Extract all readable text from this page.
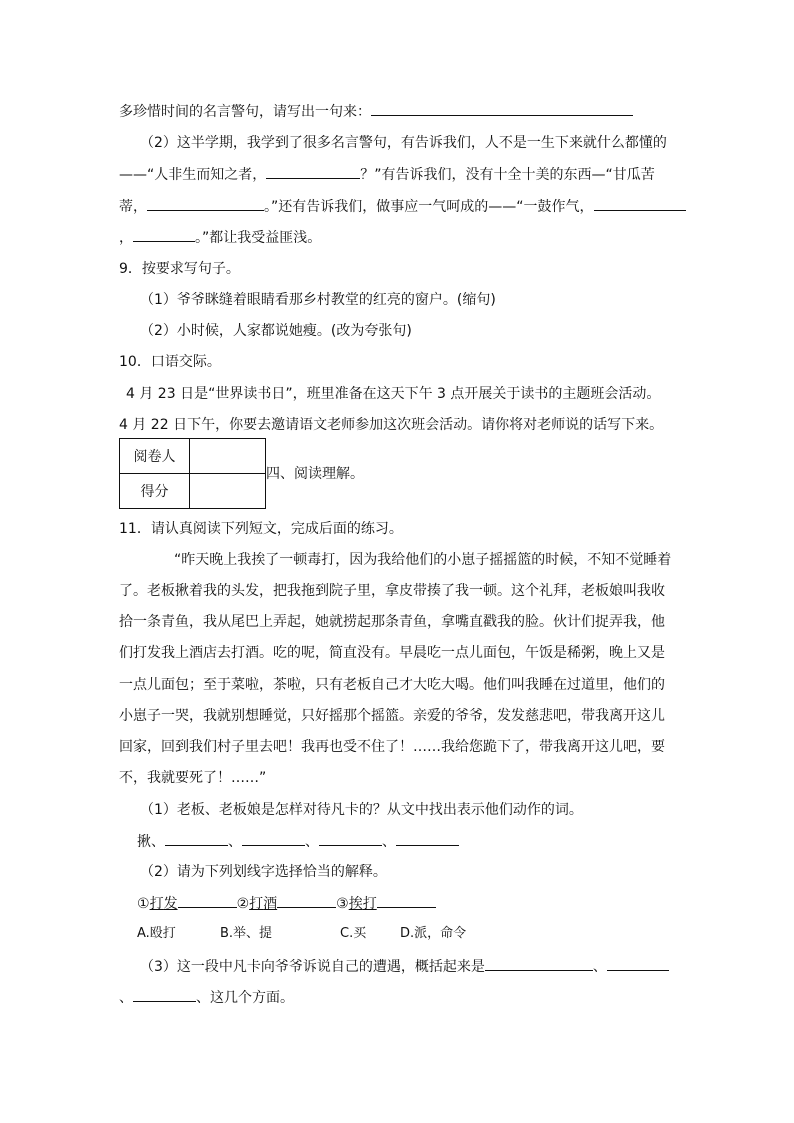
多珍惜时间的名言警句，请写出一句来：
（2）这半学期，我学到了很多名言警句，有告诉我们，人不是一生下来就什么都懂的
——“人非生而知之者，	？”有告诉我们，没有十全十美的东西—“甘瓜苦
蒂，	。”还有告诉我们，做事应一气呵成的——“一鼓作气，
，	。”都让我受益匪浅。
9．按要求写句子。
（1）爷爷眯缝着眼睛看那乡村教堂的红亮的窗户。(缩句)
（2）小时候，人家都说她瘦。(改为夸张句)
10．口语交际。
4 月 23 日是“世界读书日”，班里准备在这天下午 3 点开展关于读书的主题班会活动。
4 月 22 日下午，你要去邀请语文老师参加这次班会活动。请你将对老师说的话写下来。
阅卷人	
得分	
四、阅读理解。
11．请认真阅读下列短文，完成后面的练习。
“昨天晚上我挨了一顿毒打，因为我给他们的小崽子摇摇篮的时候，不知不觉睡着
了。老板揪着我的头发，把我拖到院子里，拿皮带揍了我一顿。这个礼拜，老板娘叫我收
拾一条青鱼，我从尾巴上弄起，她就捞起那条青鱼，拿嘴直戳我的脸。伙计们捉弄我，他
们打发我上酒店去打酒。吃的呢，简直没有。早晨吃一点儿面包，午饭是稀粥，晚上又是
一点儿面包；至于菜啦，茶啦，只有老板自己才大吃大喝。他们叫我睡在过道里，他们的
小崽子一哭，我就别想睡觉，只好摇那个摇篮。亲爱的爷爷，发发慈悲吧，带我离开这儿
回家，回到我们村子里去吧！我再也受不住了！……我给您跪下了，带我离开这儿吧，要
不，我就要死了！……”
（1）老板、老板娘是怎样对待凡卡的？从文中找出表示他们动作的词。
揪、	、	、	、
（2）请为下列划线字选择恰当的解释。
①打发	②打酒	③挨打
A.殴打	B.举、提	C.买	D.派，命令
（3）这一段中凡卡向爷爷诉说自己的遭遇，概括起来是	、
、	、这几个方面。
